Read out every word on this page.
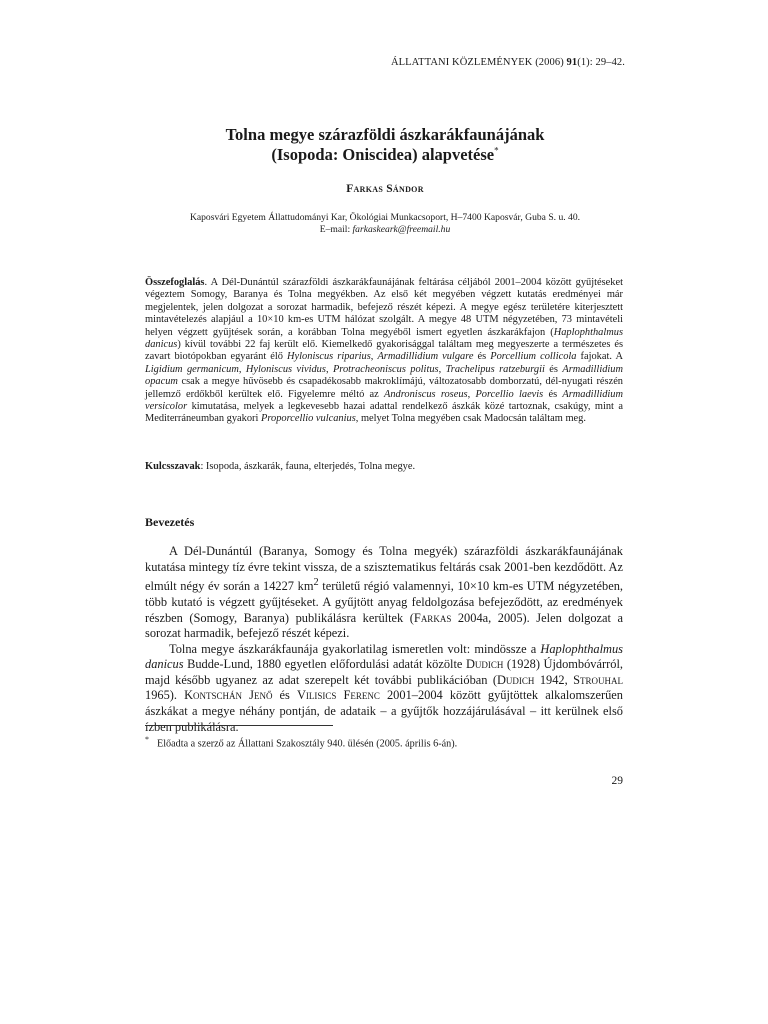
ÁLLATTANI KÖZLEMÉNYEK (2006) 91(1): 29–42.
Tolna megye szárazföldi ászkarákfaunájának
(Isopoda: Oniscidea) alapvetése*
Farkas Sándor
Kaposvári Egyetem Állattudományi Kar, Ökológiai Munkacsoport, H–7400 Kaposvár, Guba S. u. 40.
E–mail: farkaskeark@freemail.hu
Összefoglalás. A Dél-Dunántúl szárazföldi ászkarákfaunájának feltárása céljából 2001–2004 között gyűjtéseket végeztem Somogy, Baranya és Tolna megyékben. Az első két megyében végzett kutatás eredményei már megjelentek, jelen dolgozat a sorozat harmadik, befejező részét képezi. A megye egész területére kiterjesztett mintavételezés alapjául a 10×10 km-es UTM hálózat szolgált. A megye 48 UTM négyzetében, 73 mintavételi helyen végzett gyűjtések során, a korábban Tolna megyéből ismert egyetlen ászkarákfajon (Haplophthalmus danicus) kívül további 22 faj került elő. Kiemelkedő gyakorisággal találtam meg megyeszerte a természetes és zavart biotópokban egyaránt élő Hyloniscus riparius, Armadillidium vulgare és Porcellium collicola fajokat. A Ligidium germanicum, Hyloniscus vividus, Protracheoniscus politus, Trachelipus ratzeburgii és Armadillidium opacum csak a megye hűvösebb és csapadékosabb makroklímájú, változatosabb domborzatú, dél-nyugati részén jellemző erdőkből kerültek elő. Figyelemre méltó az Androniscus roseus, Porcellio laevis és Armadillidium versicolor kimutatása, melyek a legkevesebb hazai adattal rendelkező ászkák közé tartoznak, csakúgy, mint a Mediterráneumban gyakori Proporcellio vulcanius, melyet Tolna megyében csak Madocsán találtam meg.
Kulcsszavak: Isopoda, ászkarák, fauna, elterjedés, Tolna megye.
Bevezetés

A Dél-Dunántúl (Baranya, Somogy és Tolna megyék) szárazföldi ászkarákfaunájának kutatása mintegy tíz évre tekint vissza, de a szisztematikus feltárás csak 2001-ben kezdődött. Az elmúlt négy év során a 14227 $km^2$ területű régió valamennyi, 10×10 km-es UTM négyzetében, több kutató is végzett gyűjtéseket. A gyűjtött anyag feldolgozása befejeződött, az eredmények részben (Somogy, Baranya) publikálásra kerültek (Farkas 2004a, 2005). Jelen dolgozat a sorozat harmadik, befejező részét képezi.

Tolna megye ászkarákfaunája gyakorlatilag ismeretlen volt: mindössze a Haplophthalmus danicus Budde-Lund, 1880 egyetlen előfordulási adatát közölte Dudich (1928) Újdombóvárról, majd később ugyanez az adat szerepelt két további publikációban (Dudich 1942, Strouhal 1965). Kontschán Jenő és Vilisics Ferenc 2001–2004 között gyűjtöttek alkalomszerűen ászkákat a megye néhány pontján, de adataik – a gyűjtők hozzájárulásával – itt kerülnek első ízben publikálásra.

* Előadta a szerző az Állattani Szakosztály 940. ülésén (2005. április 6-án).
29
